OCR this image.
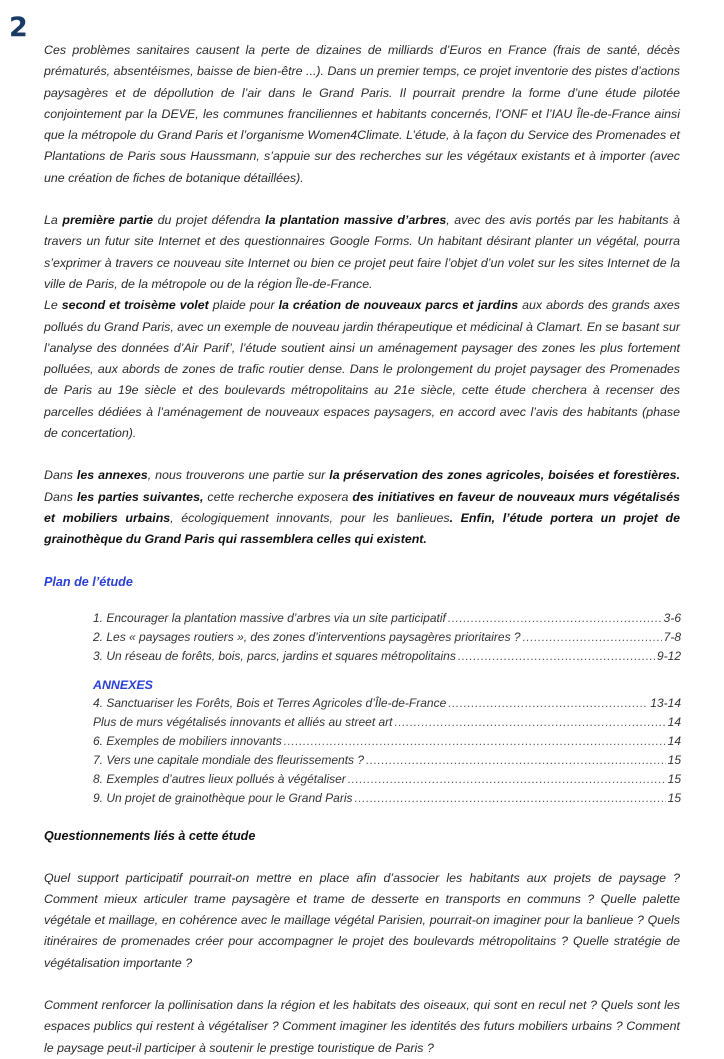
2

Ces problèmes sanitaires causent la perte de dizaines de milliards d’Euros en France (frais de santé, décès prématurés, absentéismes, baisse de bien-être ...). Dans un premier temps, ce projet inventorie des pistes d’actions paysagères et de dépollution de l’air dans le Grand Paris. Il pourrait prendre la forme d’une étude pilotée conjointement par la DEVE, les communes franciliennes et habitants concernés, l’ONF et l’IAU Île-de-France ainsi que la métropole du Grand Paris et l’organisme Women4Climate. L’étude, à la façon du Service des Promenades et Plantations de Paris sous Haussmann, s’appuie sur des recherches sur les végétaux existants et à importer (avec une création de fiches de botanique détaillées).

La première partie du projet défendra la plantation massive d’arbres, avec des avis portés par les habitants à travers un futur site Internet et des questionnaires Google Forms. Un habitant désirant planter un végétal, pourra s’exprimer à travers ce nouveau site Internet ou bien ce projet peut faire l’objet d’un volet sur les sites Internet de la ville de Paris, de la métropole ou de la région Île-de-France.

Le second et troisème volet plaide pour la création de nouveaux parcs et jardins aux abords des grands axes pollués du Grand Paris, avec un exemple de nouveau jardin thérapeutique et médicinal à Clamart. En se basant sur l’analyse des données d’Air Parif’, l’étude soutient ainsi un aménagement paysager des zones les plus fortement polluées, aux abords de zones de trafic routier dense. Dans le prolongement du projet paysager des Promenades de Paris au 19e siècle et des boulevards métropolitains au 21e siècle, cette étude cherchera à recenser des parcelles dédiées à l’aménagement de nouveaux espaces paysagers, en accord avec l’avis des habitants (phase de concertation).

Dans les annexes, nous trouverons une partie sur la préservation des zones agricoles, boisées et forestières. Dans les parties suivantes, cette recherche exposera des initiatives en faveur de nouveaux murs végétalisés et mobiliers urbains, écologiquement innovants, pour les banlieues. Enfin, l’étude portera un projet de grainothèque du Grand Paris qui rassemblera celles qui existent.

Plan de l’étude
1. Encourager la plantation massive d’arbres via un site participatif .....	3-6
2. Les « paysages routiers », des zones d’interventions paysagères prioritaires ? .....	7-8
3. Un réseau de forêts, bois, parcs, jardins et squares métropolitains .....	9-12
ANNEXES
4. Sanctuariser les Forêts, Bois et Terres Agricoles d’Île-de-France .....	13-14
Plus de murs végétalisés innovants et alliés au street art .....	14
6. Exemples de mobiliers innovants .....	14
7. Vers une capitale mondiale des fleurissements ? .....	15
8. Exemples d’autres lieux pollués à végétaliser .....	15
9. Un projet de grainothèque pour le Grand Paris .....	15
Questionnements liés à cette étude

Quel support participatif pourrait-on mettre en place afin d’associer les habitants aux projets de paysage ? Comment mieux articuler trame paysagère et trame de desserte en transports en communs ? Quelle palette végétale et maillage, en cohérence avec le maillage végétal Parisien, pourrait-on imaginer pour la banlieue ? Quels itinéraires de promenades créer pour accompagner le projet des boulevards métropolitains ? Quelle stratégie de végétalisation importante ?

Comment renforcer la pollinisation dans la région et les habitats des oiseaux, qui sont en recul net ? Quels sont les espaces publics qui restent à végétaliser ? Comment imaginer les identités des futurs mobiliers urbains ? Comment le paysage peut-il participer à soutenir le prestige touristique de Paris ?
